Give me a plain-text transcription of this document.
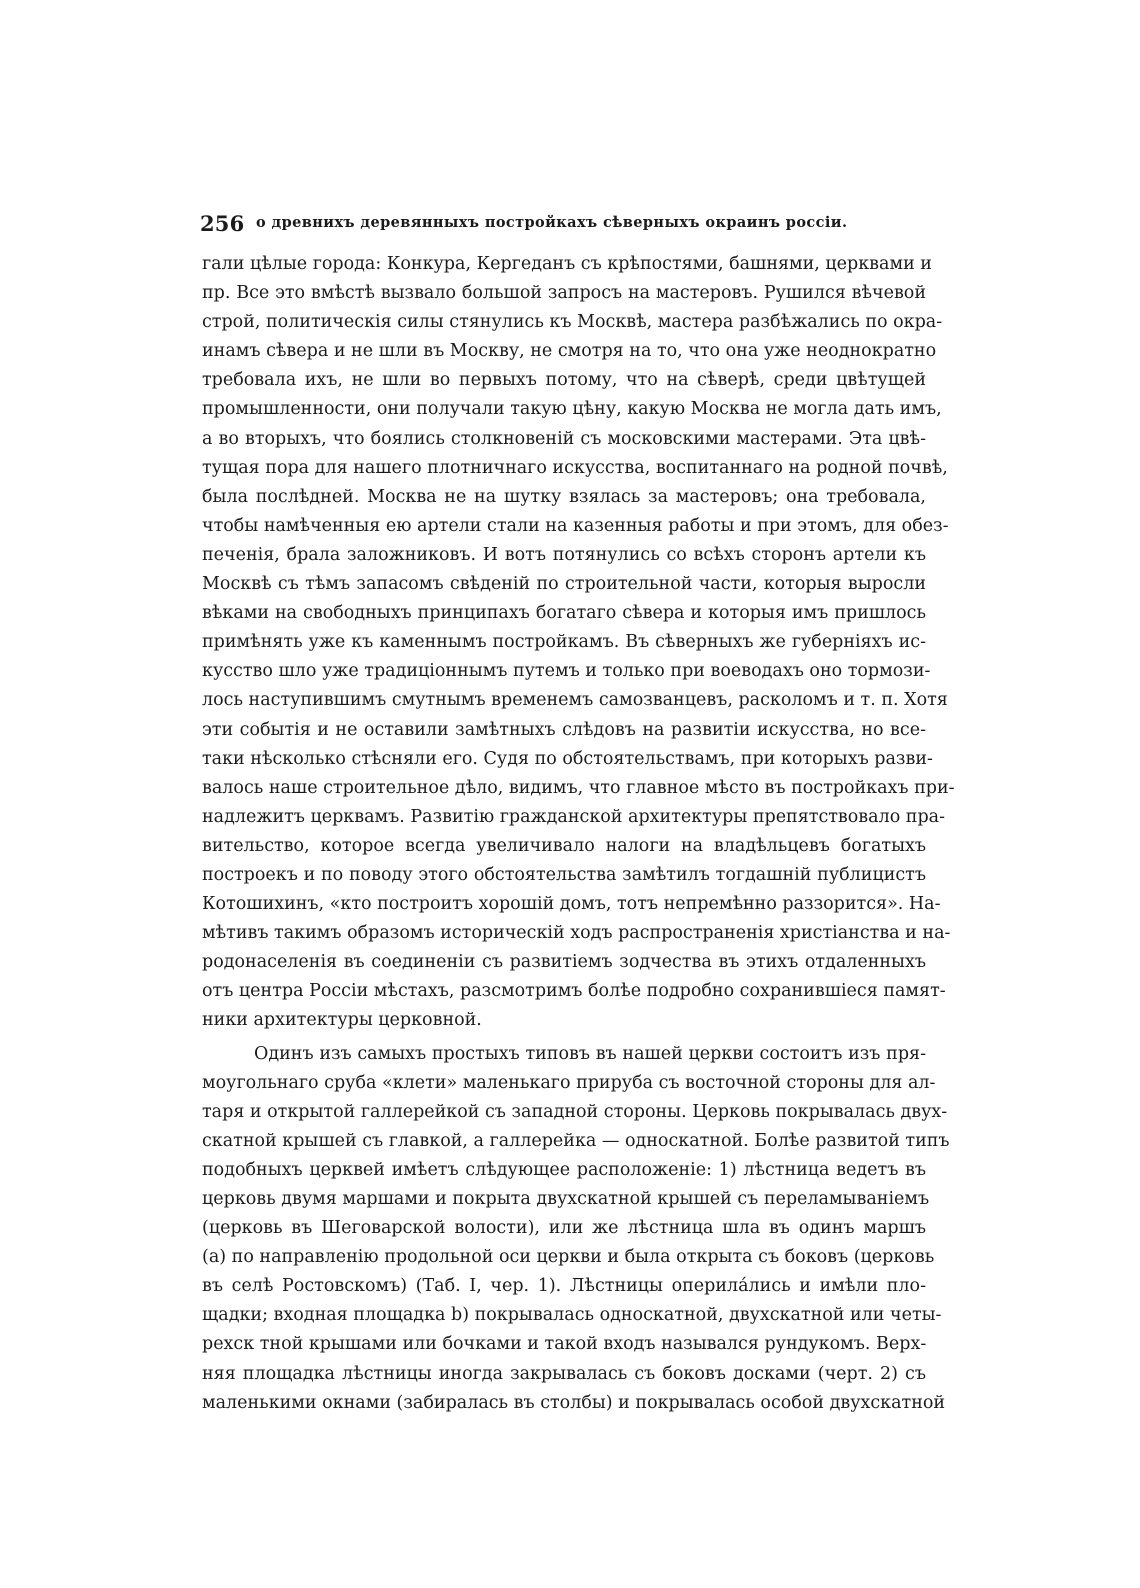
256 о древнихъ деревянныхъ постройкахъ сѣверныхъ окраинъ россіи.
гали цѣлые города: Конкура, Кергеданъ съ крѣпостями, башнями, церквами и
пр. Все это вмѣстѣ вызвало большой запросъ на мастеровъ. Рушился вѣчевой
строй, политическія силы стянулись къ Москвѣ, мастера разбѣжались по окра-
инамъ сѣвера и не шли въ Москву, не смотря на то, что она уже неоднократно
требовала ихъ, не шли во первыхъ потому, что на сѣверѣ, среди цвѣтущей
промышленности, они получали такую цѣну, какую Москва не могла дать имъ,
а во вторыхъ, что боялись столкновеній съ московскими мастерами. Эта цвѣ-
тущая пора для нашего плотничнаго искусства, воспитаннаго на родной почвѣ,
была послѣдней. Москва не на шутку взялась за мастеровъ; она требовала,
чтобы намѣченныя ею артели стали на казенныя работы и при этомъ, для обез-
печенія, брала заложниковъ. И вотъ потянулись со всѣхъ сторонъ артели къ
Москвѣ съ тѣмъ запасомъ свѣденій по строительной части, которыя выросли
вѣками на свободныхъ принципахъ богатаго сѣвера и которыя имъ пришлось
примѣнять уже къ каменнымъ постройкамъ. Въ сѣверныхъ же губерніяхъ ис-
кусство шло уже традиціоннымъ путемъ и только при воеводахъ оно тормози-
лось наступившимъ смутнымъ временемъ самозванцевъ, расколомъ и т. п. Хотя
эти событія и не оставили замѣтныхъ слѣдовъ на развитіи искусства, но все-
таки нѣсколько стѣсняли его. Судя по обстоятельствамъ, при которыхъ разви-
валось наше строительное дѣло, видимъ, что главное мѣсто въ постройкахъ при-
надлежитъ церквамъ. Развитію гражданской архитектуры препятствовало пра-
вительство, которое всегда увеличивало налоги на владѣльцевъ богатыхъ
построекъ и по поводу этого обстоятельства замѣтилъ тогдашній публицистъ
Котошихинъ, «кто построитъ хорошій домъ, тотъ непремѣнно раззорится». На-
мѣтивъ такимъ образомъ историческій ходъ распространенія христіанства и на-
родонаселенія въ соединеніи съ развитіемъ зодчества въ этихъ отдаленныхъ
отъ центра Россіи мѣстахъ, разсмотримъ болѣе подробно сохранившіеся памят-
ники архитектуры церковной.
Одинъ изъ самыхъ простыхъ типовъ въ нашей церкви состоитъ изъ пря-
моугольнаго сруба «клети» маленькаго прируба съ восточной стороны для ал-
таря и открытой галлерейкой съ западной стороны. Церковь покрывалась двух-
скатной крышей съ главкой, а галлерейка — односкатной. Болѣе развитой типъ
подобныхъ церквей имѣетъ слѣдующее расположеніе: 1) лѣстница ведетъ въ
церковь двумя маршами и покрыта двухскатной крышей съ переламываніемъ
(церковь въ Шеговарской волости), или же лѣстница шла въ одинъ маршъ
(а) по направленію продольной оси церкви и была открыта съ боковъ (церковь
въ селѣ Ростовскомъ) (Таб. I, чер. 1). Лѣстницы оперила́лись и имѣли пло-
щадки; входная площадка b) покрывалась односкатной, двухскатной или четы-
рехск тной крышами или бочками и такой входъ назывался рундукомъ. Верх-
няя площадка лѣстницы иногда закрывалась съ боковъ досками (черт. 2) съ
маленькими окнами (забиралась въ столбы) и покрывалась особой двухскатной
